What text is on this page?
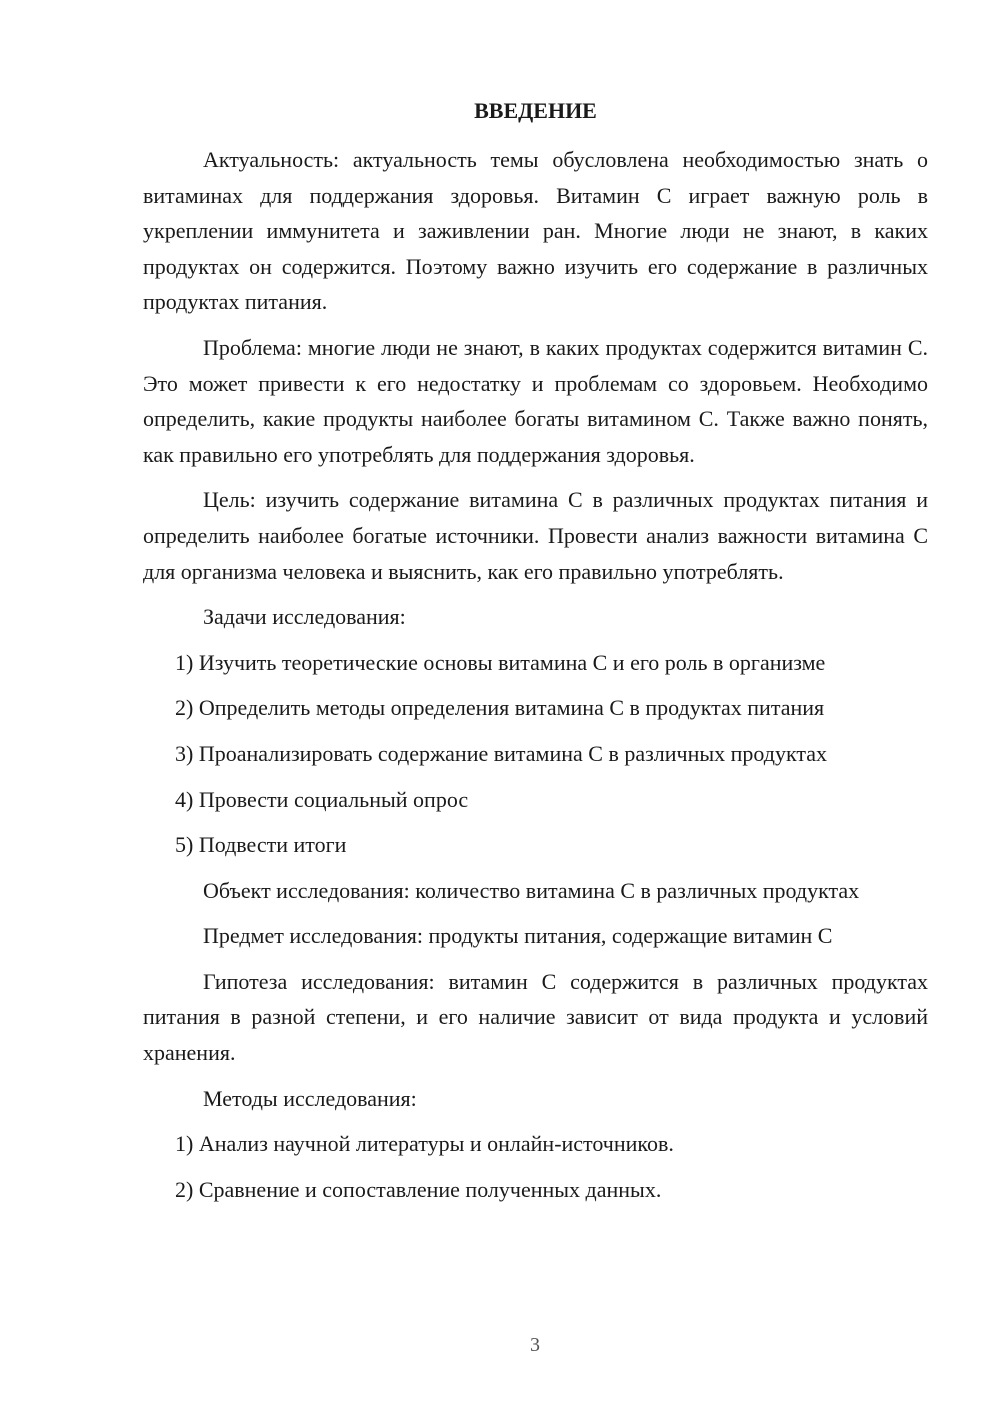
ВВЕДЕНИЕ

Актуальность: актуальность темы обусловлена необходимостью знать о витаминах для поддержания здоровья. Витамин С играет важную роль в укреплении иммунитета и заживлении ран. Многие люди не знают, в каких продуктах он содержится. Поэтому важно изучить его содержание в различных продуктах питания.

Проблема: многие люди не знают, в каких продуктах содержится витамин С. Это может привести к его недостатку и проблемам со здоровьем. Необходимо определить, какие продукты наиболее богаты витамином С. Также важно понять, как правильно его употреблять для поддержания здоровья.

Цель: изучить содержание витамина С в различных продуктах питания и определить наиболее богатые источники. Провести анализ важности витамина С для организма человека и выяснить, как его правильно употреблять.

Задачи исследования:

1) Изучить теоретические основы витамина С и его роль в организме

2) Определить методы определения витамина С в продуктах питания

3) Проанализировать содержание витамина С в различных продуктах

4) Провести социальный опрос

5) Подвести итоги

Объект исследования: количество витамина С в различных продуктах

Предмет исследования: продукты питания, содержащие витамин С

Гипотеза исследования: витамин С содержится в различных продуктах питания в разной степени, и его наличие зависит от вида продукта и условий хранения.

Методы исследования:

1) Анализ научной литературы и онлайн-источников.

2) Сравнение и сопоставление полученных данных.

3
